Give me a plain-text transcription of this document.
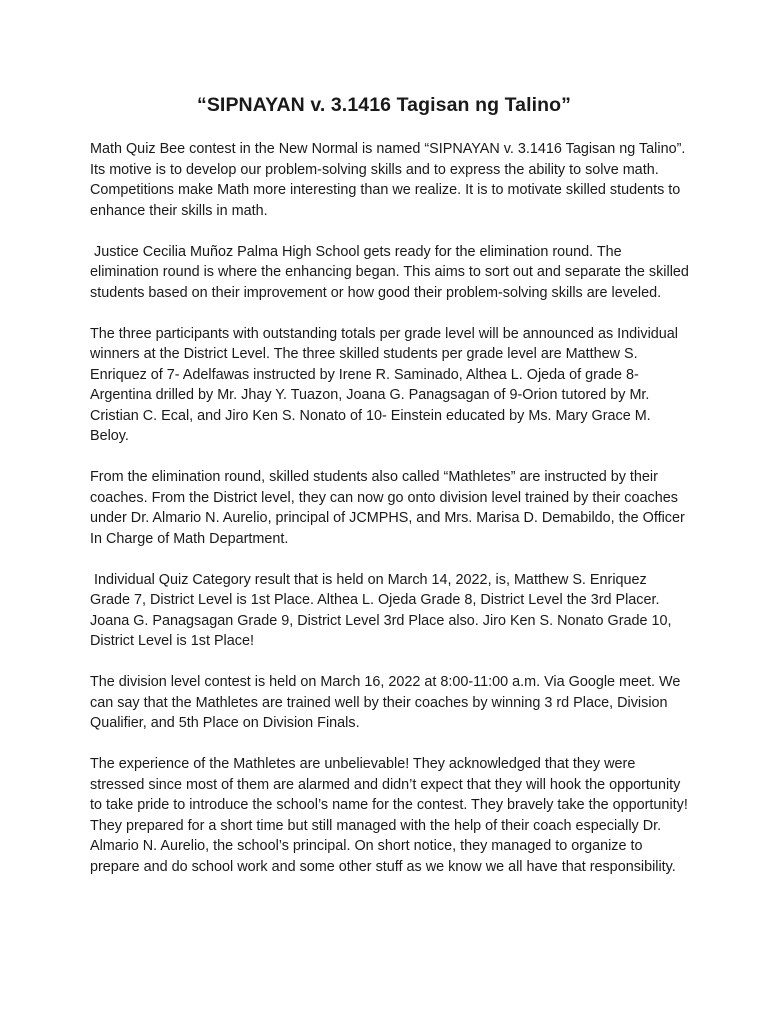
“SIPNAYAN v. 3.1416 Tagisan ng Talino”

Math Quiz Bee contest in the New Normal is named “SIPNAYAN v. 3.1416 Tagisan ng Talino”. Its motive is to develop our problem-solving skills and to express the ability to solve math. Competitions make Math more interesting than we realize. It is to motivate skilled students to enhance their skills in math.

Justice Cecilia Muñoz Palma High School gets ready for the elimination round. The elimination round is where the enhancing began. This aims to sort out and separate the skilled students based on their improvement or how good their problem-solving skills are leveled.

The three participants with outstanding totals per grade level will be announced as Individual winners at the District Level. The three skilled students per grade level are Matthew S. Enriquez of 7- Adelfawas instructed by Irene R. Saminado, Althea L. Ojeda of grade 8-Argentina drilled by Mr. Jhay Y. Tuazon, Joana G. Panagsagan of 9-Orion tutored by Mr. Cristian C. Ecal, and Jiro Ken S. Nonato of 10- Einstein educated by Ms. Mary Grace M. Beloy.

From the elimination round, skilled students also called “Mathletes” are instructed by their coaches. From the District level, they can now go onto division level trained by their coaches under Dr. Almario N. Aurelio, principal of JCMPHS, and Mrs. Marisa D. Demabildo, the Officer In Charge of Math Department.

Individual Quiz Category result that is held on March 14, 2022, is, Matthew S. Enriquez Grade 7, District Level is 1st Place. Althea L. Ojeda Grade 8, District Level the 3rd Placer. Joana G. Panagsagan Grade 9, District Level 3rd Place also. Jiro Ken S. Nonato Grade 10, District Level is 1st Place!

The division level contest is held on March 16, 2022 at 8:00-11:00 a.m. Via Google meet. We can say that the Mathletes are trained well by their coaches by winning 3 rd Place, Division Qualifier, and 5th Place on Division Finals.

The experience of the Mathletes are unbelievable! They acknowledged that they were stressed since most of them are alarmed and didn’t expect that they will hook the opportunity to take pride to introduce the school’s name for the contest. They bravely take the opportunity! They prepared for a short time but still managed with the help of their coach especially Dr. Almario N. Aurelio, the school’s principal. On short notice, they managed to organize to prepare and do school work and some other stuff as we know we all have that responsibility.
